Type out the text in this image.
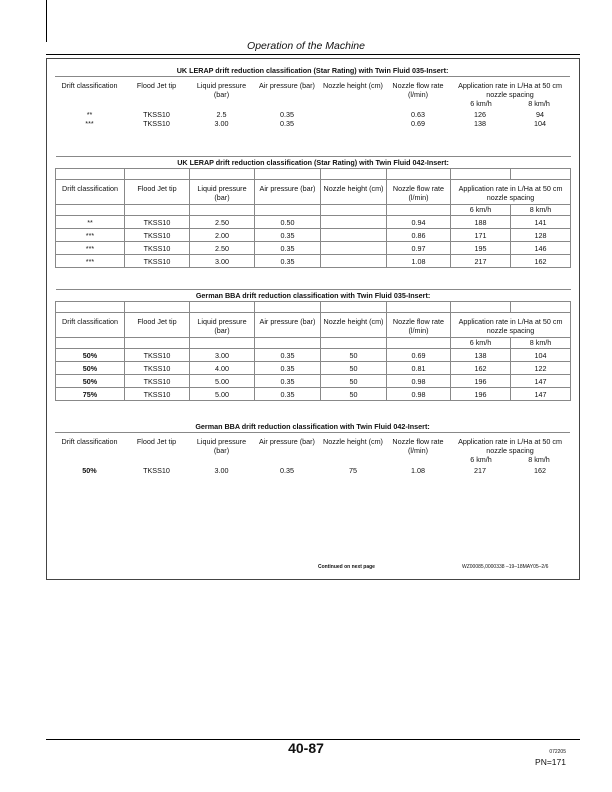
Operation of the Machine
UK LERAP drift reduction classification (Star Rating) with Twin Fluid 035-Insert:							
Drift classification	Flood Jet tip	Liquid pressure (bar)	Air pressure (bar)	Nozzle height (cm)	Nozzle flow rate (l/min)	Application rate in L/Ha at 50 cm nozzle spacing
6 km/h 8 km/h	
**	TKSS10	2.5	0.35		0.63	126	94
***	TKSS10	3.00	0.35		0.69	138	104
UK LERAP drift reduction classification (Star Rating) with Twin Fluid 042-Insert:							

Drift classification	Flood Jet tip	Liquid pressure (bar)	Air pressure (bar)	Nozzle height (cm)	Nozzle flow rate (l/min)	Application rate in L/Ha at 50 cm nozzle spacing	
						6 km/h	8 km/h
**	TKSS10	2.50	0.50		0.94	188	141
***	TKSS10	2.00	0.35		0.86	171	128
***	TKSS10	2.50	0.35		0.97	195	146
***	TKSS10	3.00	0.35		1.08	217	162
German BBA drift reduction classification with Twin Fluid 035-Insert:							

Drift classification	Flood Jet tip	Liquid pressure (bar)	Air pressure (bar)	Nozzle height (cm)	Nozzle flow rate (l/min)	Application rate in L/Ha at 50 cm nozzle spacing	
						6 km/h	8 km/h
50%	TKSS10	3.00	0.35	50	0.69	138	104
50%	TKSS10	4.00	0.35	50	0.81	162	122
50%	TKSS10	5.00	0.35	50	0.98	196	147
75%	TKSS10	5.00	0.35	50	0.98	196	147
German BBA drift reduction classification with Twin Fluid 042-Insert:							
Drift classification	Flood Jet tip	Liquid pressure (bar)	Air pressure (bar)	Nozzle height (cm)	Nozzle flow rate (l/min)	Application rate in L/Ha at 50 cm nozzle spacing
6 km/h 8 km/h	
50%	TKSS10	3.00	0.35	75	1.08	217	162
Continued on next page	WZ00085,0000338 –19–18MAY05–2/6
40-87	072205
PN=171
